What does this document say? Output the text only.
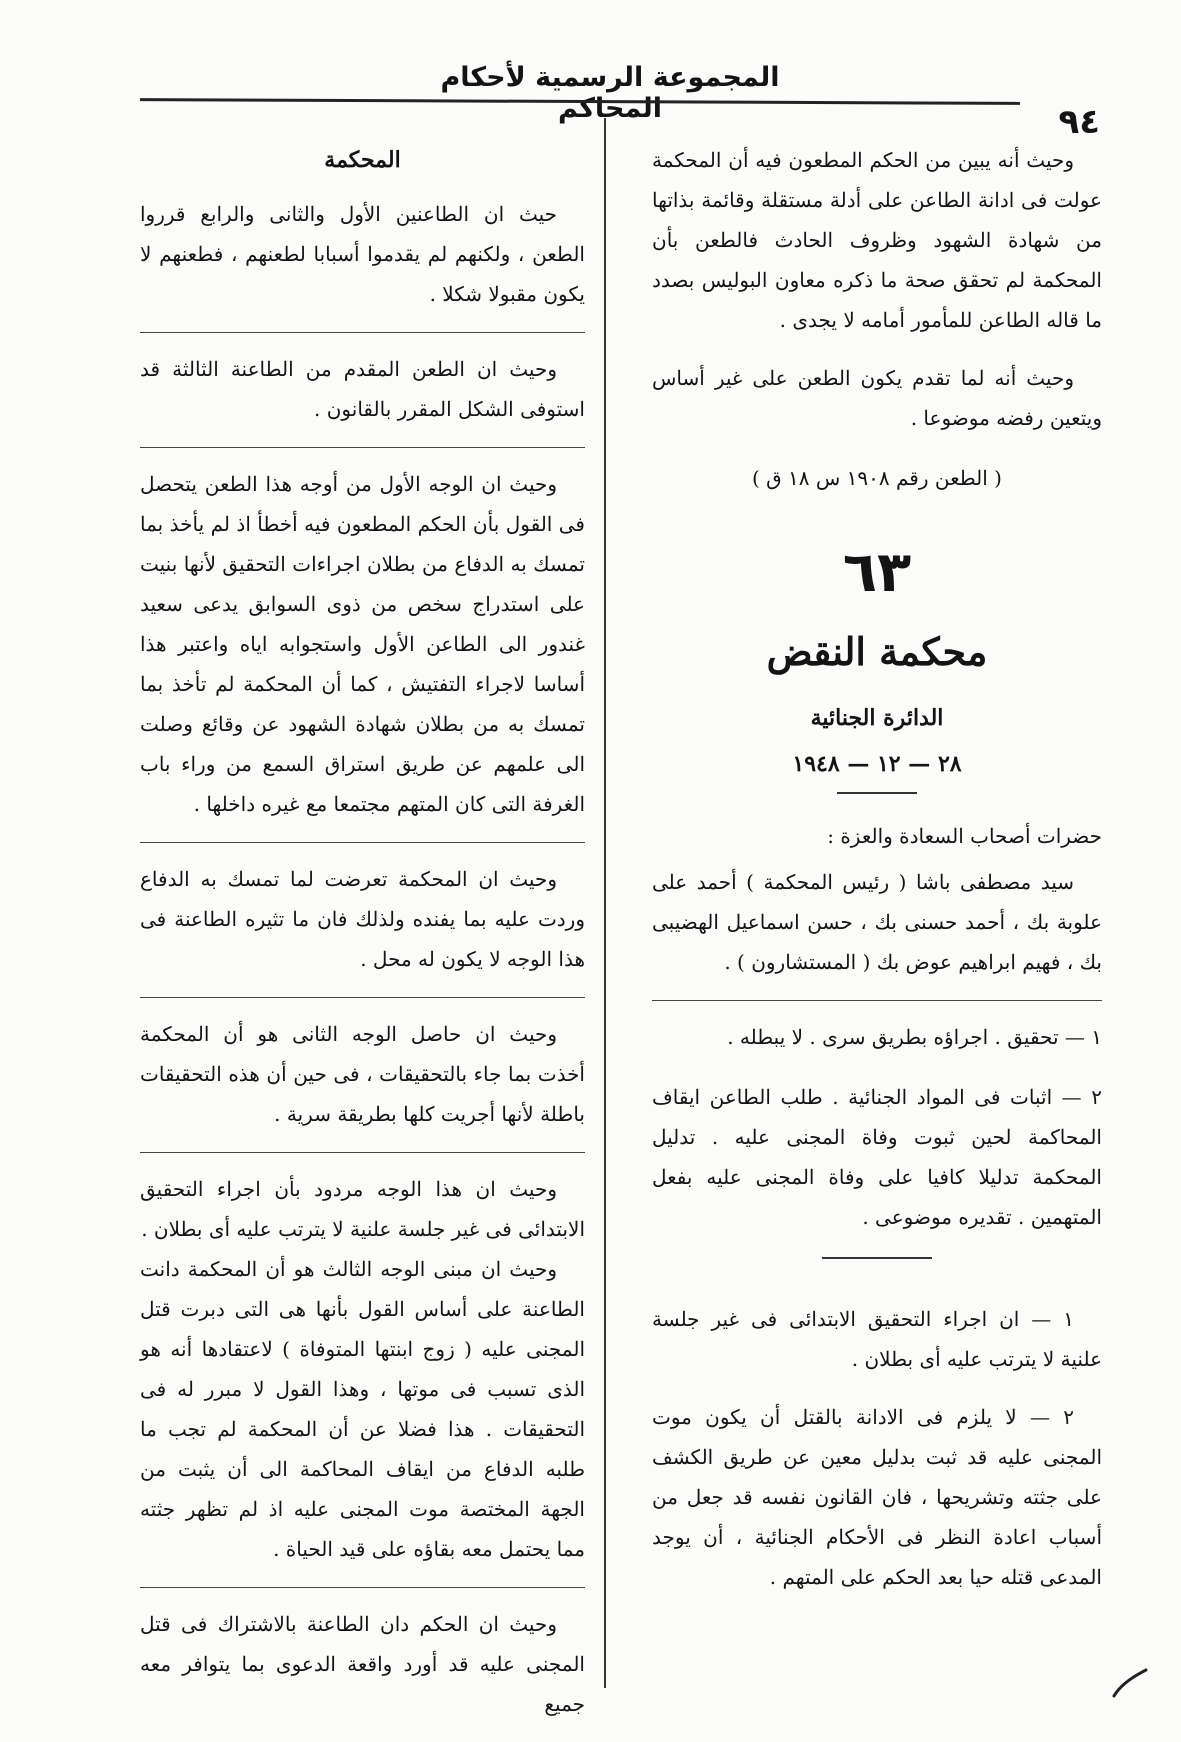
المجموعة الرسمية لأحكام المحاكم	٩٤

وحيث أنه يبين من الحكم المطعون فيه أن المحكمة عولت فى ادانة الطاعن على أدلة مستقلة وقائمة بذاتها من شهادة الشهود وظروف الحادث فالطعن بأن المحكمة لم تحقق صحة ما ذكره معاون البوليس بصدد ما قاله الطاعن للمأمور أمامه لا يجدى .

وحيث أنه لما تقدم يكون الطعن على غير أساس ويتعين رفضه موضوعا .

( الطعن رقم ١٩٠٨ س ١٨ ق )

٦٣
محكمة النقض
الدائرة الجنائية
٢٨ — ١٢ — ١٩٤٨

حضرات أصحاب السعادة والعزة :

سيد مصطفى باشا ( رئيس المحكمة ) أحمد على علوبة بك ، أحمد حسنى بك ، حسن اسماعيل الهضيبى بك ، فهيم ابراهيم عوض بك ( المستشارون ) .

١ — تحقيق . اجراؤه بطريق سرى . لا يبطله .

٢ — اثبات فى المواد الجنائية . طلب الطاعن ايقاف المحاكمة لحين ثبوت وفاة المجنى عليه . تدليل المحكمة تدليلا كافيا على وفاة المجنى عليه بفعل المتهمين . تقديره موضوعى .

١ — ان اجراء التحقيق الابتدائى فى غير جلسة علنية لا يترتب عليه أى بطلان .

٢ — لا يلزم فى الادانة بالقتل أن يكون موت المجنى عليه قد ثبت بدليل معين عن طريق الكشف على جثته وتشريحها ، فان القانون نفسه قد جعل من أسباب اعادة النظر فى الأحكام الجنائية ، أن يوجد المدعى قتله حيا بعد الحكم على المتهم .

المحكمة

حيث ان الطاعنين الأول والثانى والرابع قرروا الطعن ، ولكنهم لم يقدموا أسبابا لطعنهم ، فطعنهم لا يكون مقبولا شكلا .

وحيث ان الطعن المقدم من الطاعنة الثالثة قد استوفى الشكل المقرر بالقانون .

وحيث ان الوجه الأول من أوجه هذا الطعن يتحصل فى القول بأن الحكم المطعون فيه أخطأ اذ لم يأخذ بما تمسك به الدفاع من بطلان اجراءات التحقيق لأنها بنيت على استدراج سخص من ذوى السوابق يدعى سعيد غندور الى الطاعن الأول واستجوابه اياه واعتبر هذا أساسا لاجراء التفتيش ، كما أن المحكمة لم تأخذ بما تمسك به من بطلان شهادة الشهود عن وقائع وصلت الى علمهم عن طريق استراق السمع من وراء باب الغرفة التى كان المتهم مجتمعا مع غيره داخلها .

وحيث ان المحكمة تعرضت لما تمسك به الدفاع وردت عليه بما يفنده ولذلك فان ما تثيره الطاعنة فى هذا الوجه لا يكون له محل .

وحيث ان حاصل الوجه الثانى هو أن المحكمة أخذت بما جاء بالتحقيقات ، فى حين أن هذه التحقيقات باطلة لأنها أجريت كلها بطريقة سرية .

وحيث ان هذا الوجه مردود بأن اجراء التحقيق الابتدائى فى غير جلسة علنية لا يترتب عليه أى بطلان .

وحيث ان مبنى الوجه الثالث هو أن المحكمة دانت الطاعنة على أساس القول بأنها هى التى دبرت قتل المجنى عليه ( زوج ابنتها المتوفاة ) لاعتقادها أنه هو الذى تسبب فى موتها ، وهذا القول لا مبرر له فى التحقيقات . هذا فضلا عن أن المحكمة لم تجب ما طلبه الدفاع من ايقاف المحاكمة الى أن يثبت من الجهة المختصة موت المجنى عليه اذ لم تظهر جثته مما يحتمل معه بقاؤه على قيد الحياة .

وحيث ان الحكم دان الطاعنة بالاشتراك فى قتل المجنى عليه قد أورد واقعة الدعوى بما يتوافر معه جميع
